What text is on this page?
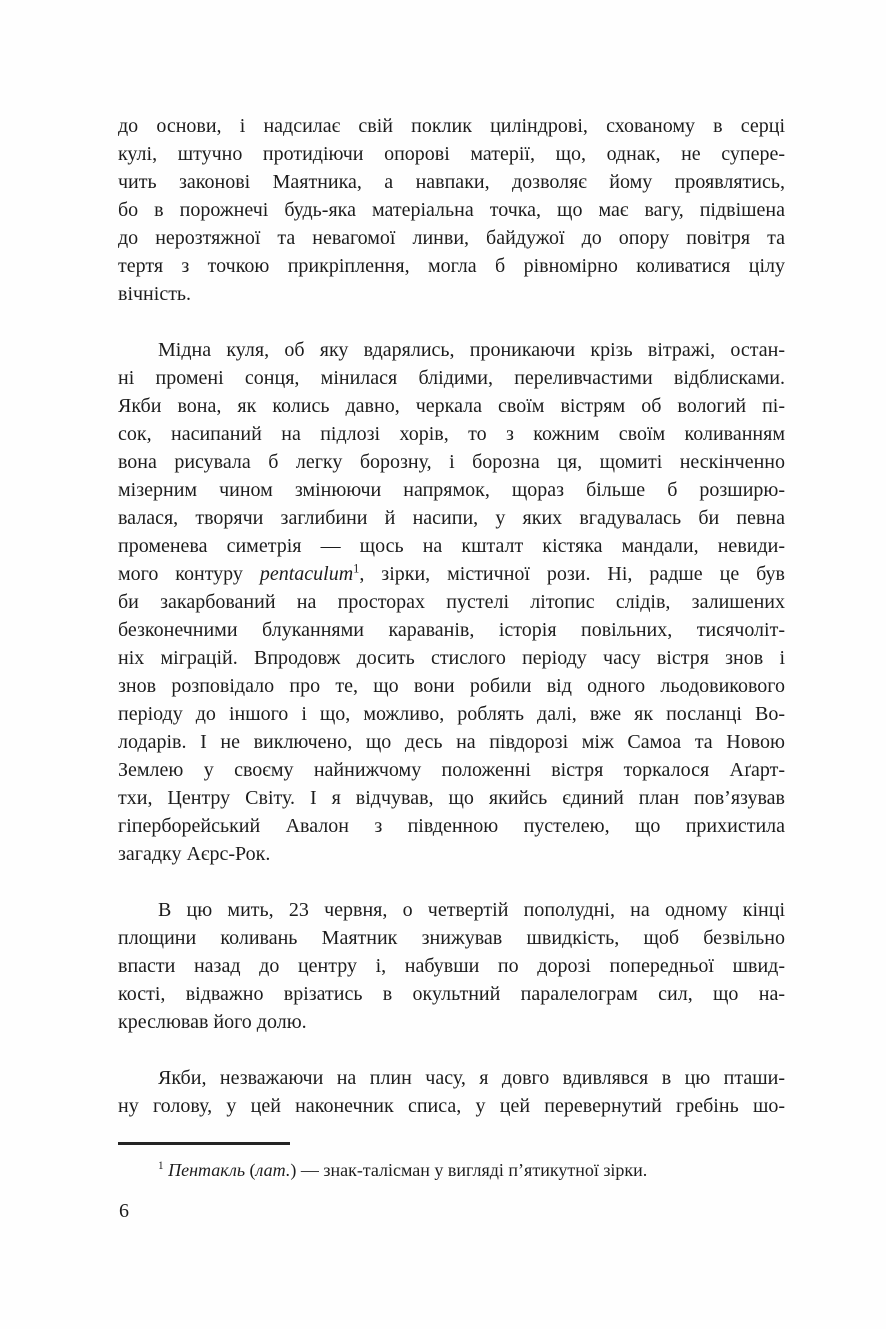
до основи, і надсилає свій поклик циліндрові, схованому в серці
кулі, штучно протидіючи опорові матерії, що, однак, не супере-
чить законові Маятника, а навпаки, дозволяє йому проявлятись,
бо в порожнечі будь-яка матеріальна точка, що має вагу, підвішена
до нерозтяжної та невагомої линви, байдужої до опору повітря та
тертя з точкою прикріплення, могла б рівномірно коливатися цілу
вічність.
Мідна куля, об яку вдарялись, проникаючи крізь вітражі, остан-
ні промені сонця, мінилася блідими, переливчастими відблисками.
Якби вона, як колись давно, черкала своїм вістрям об вологий пі-
сок, насипаний на підлозі хорів, то з кожним своїм коливанням
вона рисувала б легку борозну, і борозна ця, щомиті нескінченно
мізерним чином змінюючи напрямок, щораз більше б розширю-
валася, творячи заглибини й насипи, у яких вгадувалась би певна
променева симетрія — щось на кшталт кістяка мандали, невиди-
мого контуру pentaculum$^1$, зірки, містичної рози. Ні, радше це був
би закарбований на просторах пустелі літопис слідів, залишених
безконечними блуканнями караванів, історія повільних, тисячоліт-
ніх міграцій. Впродовж досить стислого періоду часу вістря знов і
знов розповідало про те, що вони робили від одного льодовикового
періоду до іншого і що, можливо, роблять далі, вже як посланці Во-
лодарів. І не виключено, що десь на півдорозі між Самоа та Новою
Землею у своєму найнижчому положенні вістря торкалося Аґарт-
тхи, Центру Світу. І я відчував, що якийсь єдиний план пов’язував
гіперборейський Авалон з південною пустелею, що прихистила
загадку Аєрс-Рок.
В цю мить, 23 червня, о четвертій пополудні, на одному кінці
площини коливань Маятник знижував швидкість, щоб безвільно
впасти назад до центру і, набувши по дорозі попередньої швид-
кості, відважно врізатись в окультний паралелограм сил, що на-
креслював його долю.
Якби, незважаючи на плин часу, я довго вдивлявся в цю пташи-
ну голову, у цей наконечник списа, у цей перевернутий гребінь шо-
$^1$ Пентакль (лат.) — знак-талісман у вигляді п’ятикутної зірки.
6
